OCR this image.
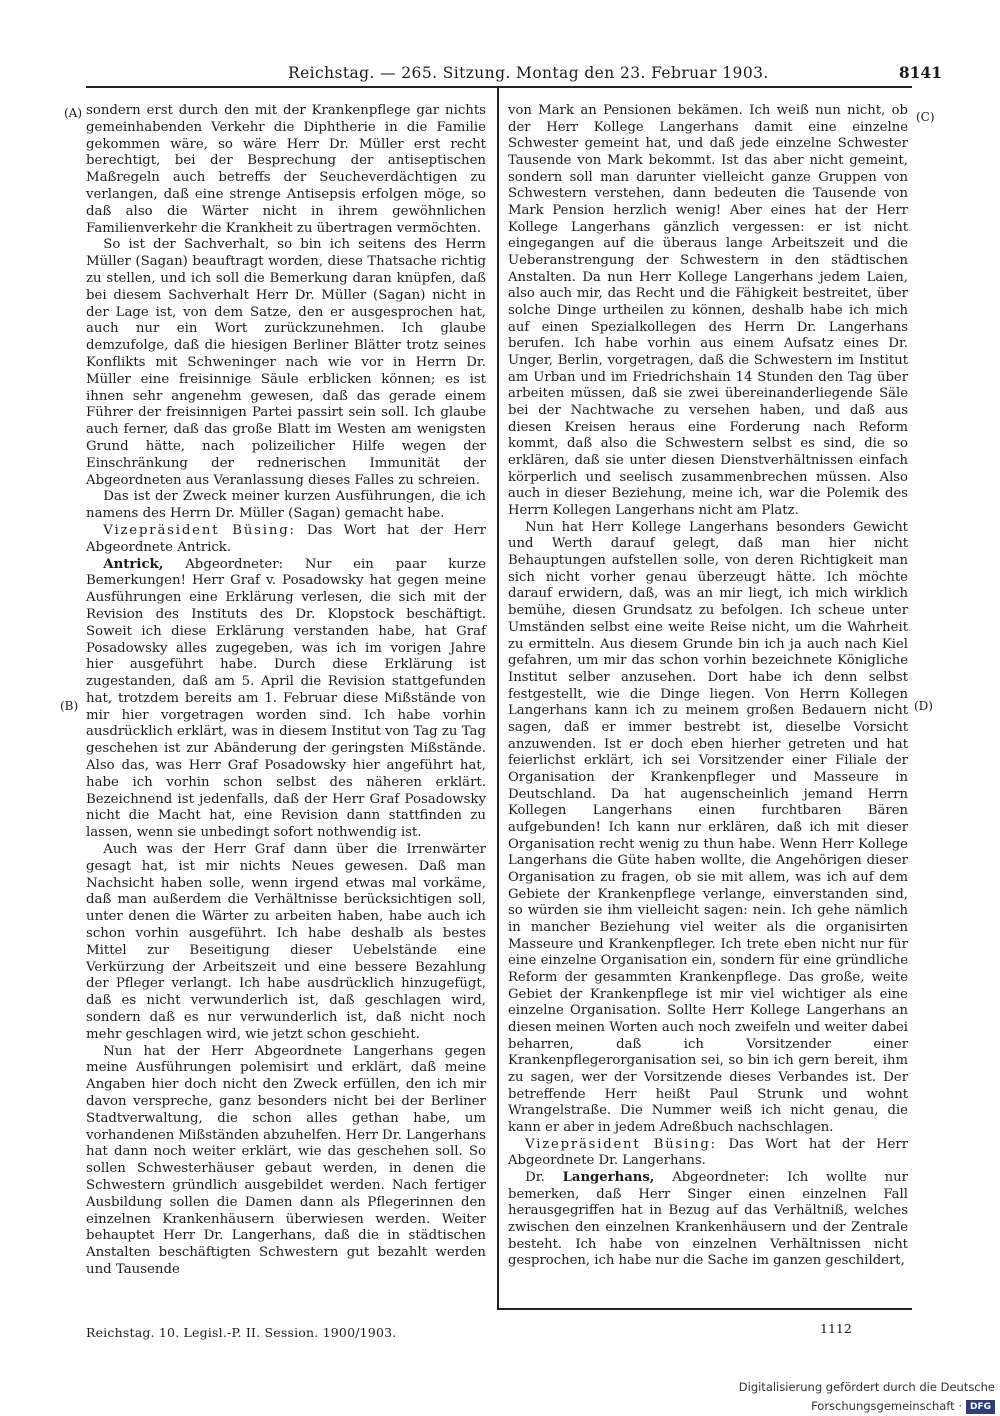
Reichstag. — 265. Sitzung. Montag den 23. Februar 1903.	8141
(A)
(B)
(C)
(D)

sondern erst durch den mit der Krankenpflege gar nichts gemeinhabenden Verkehr die Diphtherie in die Familie gekommen wäre, so wäre Herr Dr. Müller erst recht berechtigt, bei der Besprechung der antiseptischen Maßregeln auch betreffs der Seucheverdächtigen zu verlangen, daß eine strenge Antisepsis erfolgen möge, so daß also die Wärter nicht in ihrem gewöhnlichen Familienverkehr die Krankheit zu übertragen vermöchten.

So ist der Sachverhalt, so bin ich seitens des Herrn Müller (Sagan) beauftragt worden, diese Thatsache richtig zu stellen, und ich soll die Bemerkung daran knüpfen, daß bei diesem Sachverhalt Herr Dr. Müller (Sagan) nicht in der Lage ist, von dem Satze, den er ausgesprochen hat, auch nur ein Wort zurückzunehmen. Ich glaube demzufolge, daß die hiesigen Berliner Blätter trotz seines Konflikts mit Schweninger nach wie vor in Herrn Dr. Müller eine freisinnige Säule erblicken können; es ist ihnen sehr angenehm gewesen, daß das gerade einem Führer der freisinnigen Partei passirt sein soll. Ich glaube auch ferner, daß das große Blatt im Westen am wenigsten Grund hätte, nach polizeilicher Hilfe wegen der Einschränkung der rednerischen Immunität der Abgeordneten aus Veranlassung dieses Falles zu schreien.

Das ist der Zweck meiner kurzen Ausführungen, die ich namens des Herrn Dr. Müller (Sagan) gemacht habe.

Vizepräsident Büsing: Das Wort hat der Herr Abgeordnete Antrick.

Antrick, Abgeordneter: Nur ein paar kurze Bemerkungen! Herr Graf v. Posadowsky hat gegen meine Ausführungen eine Erklärung verlesen, die sich mit der Revision des Instituts des Dr. Klopstock beschäftigt. Soweit ich diese Erklärung verstanden habe, hat Graf Posadowsky alles zugegeben, was ich im vorigen Jahre hier ausgeführt habe. Durch diese Erklärung ist zugestanden, daß am 5. April die Revision stattgefunden hat, trotzdem bereits am 1. Februar diese Mißstände von mir hier vorgetragen worden sind. Ich habe vorhin ausdrücklich erklärt, was in diesem Institut von Tag zu Tag geschehen ist zur Abänderung der geringsten Mißstände. Also das, was Herr Graf Posadowsky hier angeführt hat, habe ich vorhin schon selbst des näheren erklärt. Bezeichnend ist jedenfalls, daß der Herr Graf Posadowsky nicht die Macht hat, eine Revision dann stattfinden zu lassen, wenn sie unbedingt sofort nothwendig ist.

Auch was der Herr Graf dann über die Irrenwärter gesagt hat, ist mir nichts Neues gewesen. Daß man Nachsicht haben solle, wenn irgend etwas mal vorkäme, daß man außerdem die Verhältnisse berücksichtigen soll, unter denen die Wärter zu arbeiten haben, habe auch ich schon vorhin ausgeführt. Ich habe deshalb als bestes Mittel zur Beseitigung dieser Uebelstände eine Verkürzung der Arbeitszeit und eine bessere Bezahlung der Pfleger verlangt. Ich habe ausdrücklich hinzugefügt, daß es nicht verwunderlich ist, daß geschlagen wird, sondern daß es nur verwunderlich ist, daß nicht noch mehr geschlagen wird, wie jetzt schon geschieht.

Nun hat der Herr Abgeordnete Langerhans gegen meine Ausführungen polemisirt und erklärt, daß meine Angaben hier doch nicht den Zweck erfüllen, den ich mir davon verspreche, ganz besonders nicht bei der Berliner Stadtverwaltung, die schon alles gethan habe, um vorhandenen Mißständen abzuhelfen. Herr Dr. Langerhans hat dann noch weiter erklärt, wie das geschehen soll. So sollen Schwesterhäuser gebaut werden, in denen die Schwestern gründlich ausgebildet werden. Nach fertiger Ausbildung sollen die Damen dann als Pflegerinnen den einzelnen Krankenhäusern überwiesen werden. Weiter behauptet Herr Dr. Langerhans, daß die in städtischen Anstalten beschäftigten Schwestern gut bezahlt werden und Tausende

von Mark an Pensionen bekämen. Ich weiß nun nicht, ob der Herr Kollege Langerhans damit eine einzelne Schwester gemeint hat, und daß jede einzelne Schwester Tausende von Mark bekommt. Ist das aber nicht gemeint, sondern soll man darunter vielleicht ganze Gruppen von Schwestern verstehen, dann bedeuten die Tausende von Mark Pension herzlich wenig! Aber eines hat der Herr Kollege Langerhans gänzlich vergessen: er ist nicht eingegangen auf die überaus lange Arbeitszeit und die Ueberanstrengung der Schwestern in den städtischen Anstalten. Da nun Herr Kollege Langerhans jedem Laien, also auch mir, das Recht und die Fähigkeit bestreitet, über solche Dinge urtheilen zu können, deshalb habe ich mich auf einen Spezialkollegen des Herrn Dr. Langerhans berufen. Ich habe vorhin aus einem Aufsatz eines Dr. Unger, Berlin, vorgetragen, daß die Schwestern im Institut am Urban und im Friedrichshain 14 Stunden den Tag über arbeiten müssen, daß sie zwei übereinanderliegende Säle bei der Nachtwache zu versehen haben, und daß aus diesen Kreisen heraus eine Forderung nach Reform kommt, daß also die Schwestern selbst es sind, die so erklären, daß sie unter diesen Dienstverhältnissen einfach körperlich und seelisch zusammenbrechen müssen. Also auch in dieser Beziehung, meine ich, war die Polemik des Herrn Kollegen Langerhans nicht am Platz.

Nun hat Herr Kollege Langerhans besonders Gewicht und Werth darauf gelegt, daß man hier nicht Behauptungen aufstellen solle, von deren Richtigkeit man sich nicht vorher genau überzeugt hätte. Ich möchte darauf erwidern, daß, was an mir liegt, ich mich wirklich bemühe, diesen Grundsatz zu befolgen. Ich scheue unter Umständen selbst eine weite Reise nicht, um die Wahrheit zu ermitteln. Aus diesem Grunde bin ich ja auch nach Kiel gefahren, um mir das schon vorhin bezeichnete Königliche Institut selber anzusehen. Dort habe ich denn selbst festgestellt, wie die Dinge liegen. Von Herrn Kollegen Langerhans kann ich zu meinem großen Bedauern nicht sagen, daß er immer bestrebt ist, dieselbe Vorsicht anzuwenden. Ist er doch eben hierher getreten und hat feierlichst erklärt, ich sei Vorsitzender einer Filiale der Organisation der Krankenpfleger und Masseure in Deutschland. Da hat augenscheinlich jemand Herrn Kollegen Langerhans einen furchtbaren Bären aufgebunden! Ich kann nur erklären, daß ich mit dieser Organisation recht wenig zu thun habe. Wenn Herr Kollege Langerhans die Güte haben wollte, die Angehörigen dieser Organisation zu fragen, ob sie mit allem, was ich auf dem Gebiete der Krankenpflege verlange, einverstanden sind, so würden sie ihm vielleicht sagen: nein. Ich gehe nämlich in mancher Beziehung viel weiter als die organisirten Masseure und Krankenpfleger. Ich trete eben nicht nur für eine einzelne Organisation ein, sondern für eine gründliche Reform der gesammten Krankenpflege. Das große, weite Gebiet der Krankenpflege ist mir viel wichtiger als eine einzelne Organisation. Sollte Herr Kollege Langerhans an diesen meinen Worten auch noch zweifeln und weiter dabei beharren, daß ich Vorsitzender einer Krankenpflegerorganisation sei, so bin ich gern bereit, ihm zu sagen, wer der Vorsitzende dieses Verbandes ist. Der betreffende Herr heißt Paul Strunk und wohnt Wrangelstraße. Die Nummer weiß ich nicht genau, die kann er aber in jedem Adreßbuch nachschlagen.

Vizepräsident Büsing: Das Wort hat der Herr Abgeordnete Dr. Langerhans.

Dr. Langerhans, Abgeordneter: Ich wollte nur bemerken, daß Herr Singer einen einzelnen Fall herausgegriffen hat in Bezug auf das Verhältniß, welches zwischen den einzelnen Krankenhäusern und der Zentrale besteht. Ich habe von einzelnen Verhältnissen nicht gesprochen, ich habe nur die Sache im ganzen geschildert,

Reichstag. 10. Legisl.-P. II. Session. 1900/1903.	1112
Digitalisierung gefördert durch die Deutsche Forschungsgemeinschaft · DFG
